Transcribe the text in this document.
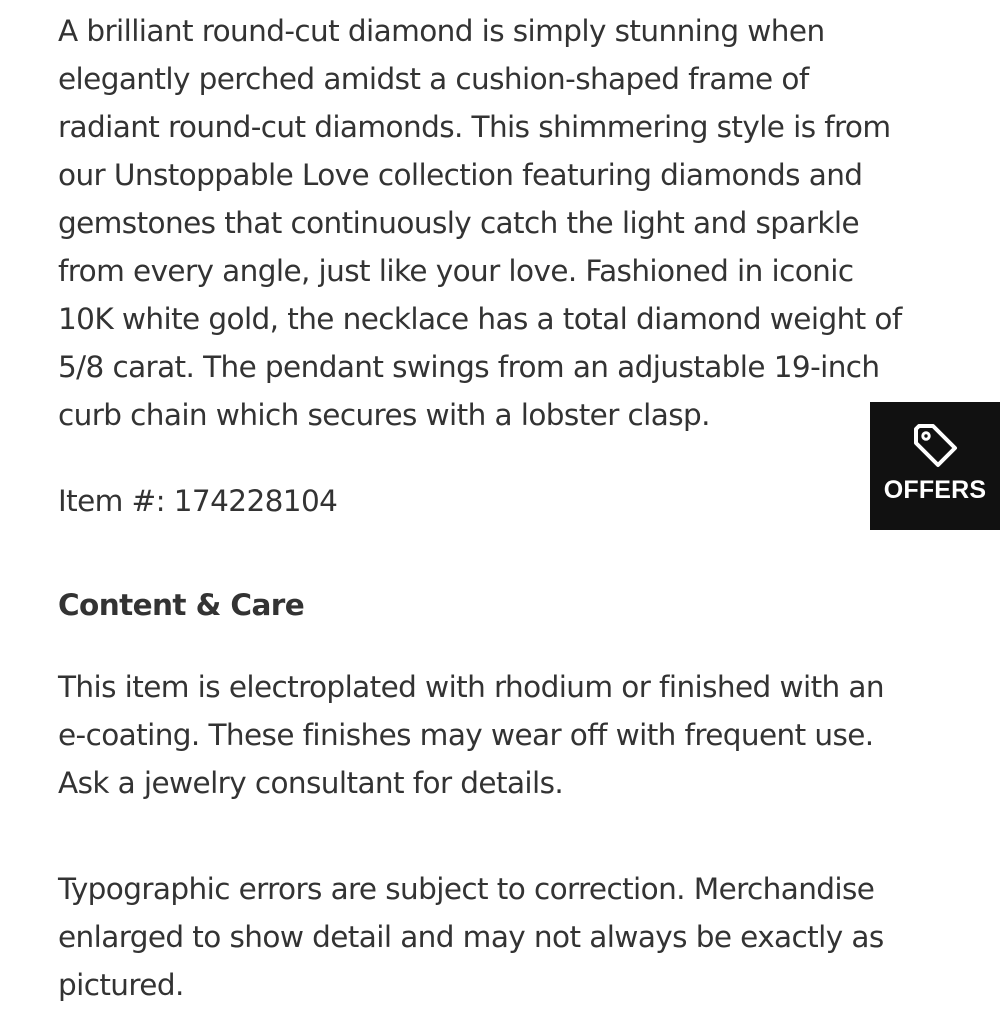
A brilliant round-cut diamond is simply stunning when
elegantly perched amidst a cushion-shaped frame of
radiant round-cut diamonds. This shimmering style is from
our Unstoppable Love collection featuring diamonds and
gemstones that continuously catch the light and sparkle
from every angle, just like your love. Fashioned in iconic
10K white gold, the necklace has a total diamond weight of
5/8 carat. The pendant swings from an adjustable 19-inch
curb chain which secures with a lobster clasp.

Item #: 174228104
Content & Care

This item is electroplated with rhodium or finished with an
e-coating. These finishes may wear off with frequent use.
Ask a jewelry consultant for details.

Typographic errors are subject to correction. Merchandise
enlarged to show detail and may not always be exactly as
pictured.

OFFERS
